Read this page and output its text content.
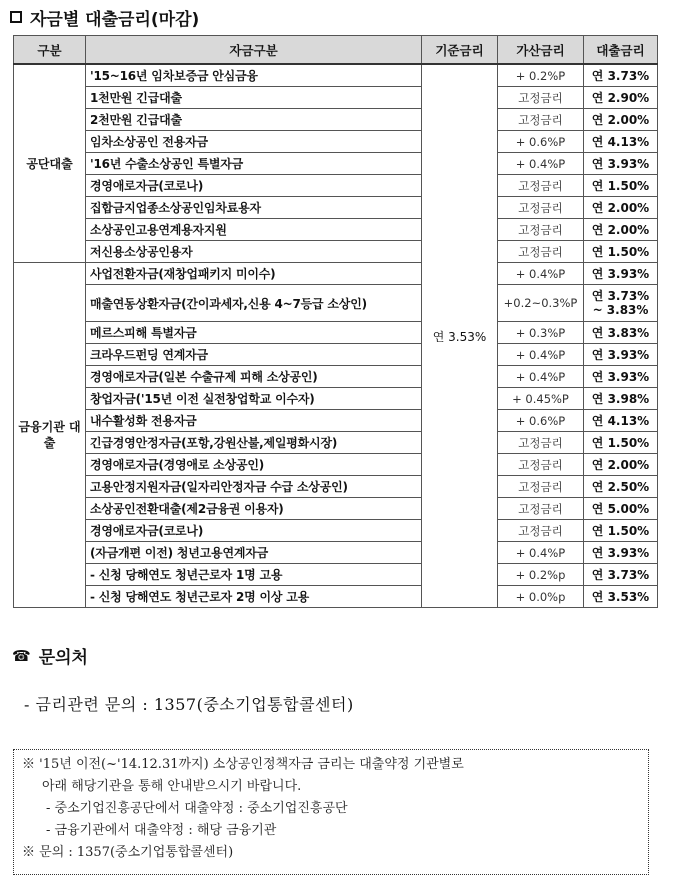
자금별 대출금리(마감)
구분	자금구분	기준금리	가산금리	대출금리
공단대출	'15~16년 임차보증금 안심금융	연 3.53%	+ 0.2%P	연 3.73%
	1천만원 긴급대출		고정금리	연 2.90%
	2천만원 긴급대출		고정금리	연 2.00%
	임차소상공인 전용자금		+ 0.6%P	연 4.13%
	'16년 수출소상공인 특별자금		+ 0.4%P	연 3.93%
	경영애로자금(코로나)		고정금리	연 1.50%
	집합금지업종소상공인임차료용자		고정금리	연 2.00%
	소상공인고용연계용자지원		고정금리	연 2.00%
	저신용소상공인용자		고정금리	연 1.50%
금융기관 대출	사업전환자금(재창업패키지 미이수)		+ 0.4%P	연 3.93%
	매출연동상환자금(간이과세자,신용 4~7등급 소상인)		+0.2~0.3%P	연 3.73%
~ 3.83%

	메르스피해 특별자금		+ 0.3%P	연 3.83%
	크라우드펀딩 연계자금		+ 0.4%P	연 3.93%
	경영애로자금(일본 수출규제 피해 소상공인)		+ 0.4%P	연 3.93%
	창업자금('15년 이전 실전창업학교 이수자)		+ 0.45%P	연 3.98%
	내수활성화 전용자금		+ 0.6%P	연 4.13%
	긴급경영안정자금(포항,강원산불,제일평화시장)		고정금리	연 1.50%
	경영애로자금(경영애로 소상공인)		고정금리	연 2.00%
	고용안정지원자금(일자리안정자금 수급 소상공인)		고정금리	연 2.50%
	소상공인전환대출(제2금융권 이용자)		고정금리	연 5.00%
	경영애로자금(코로나)		고정금리	연 1.50%
	(자금개편 이전) 청년고용연계자금		+ 0.4%P	연 3.93%
	- 신청 당해연도 청년근로자 1명 고용		+ 0.2%p	연 3.73%
	- 신청 당해연도 청년근로자 2명 이상 고용		+ 0.0%p	연 3.53%
☎ 문의처
- 금리관련 문의 : 1357(중소기업통합콜센터)
※ '15년 이전(~'14.12.31까지) 소상공인정책자금 금리는 대출약정 기관별로
아래 해당기관을 통해 안내받으시기 바랍니다.
- 중소기업진흥공단에서 대출약정 : 중소기업진흥공단
- 금융기관에서 대출약정 : 해당 금융기관
※ 문의 : 1357(중소기업통합콜센터)
